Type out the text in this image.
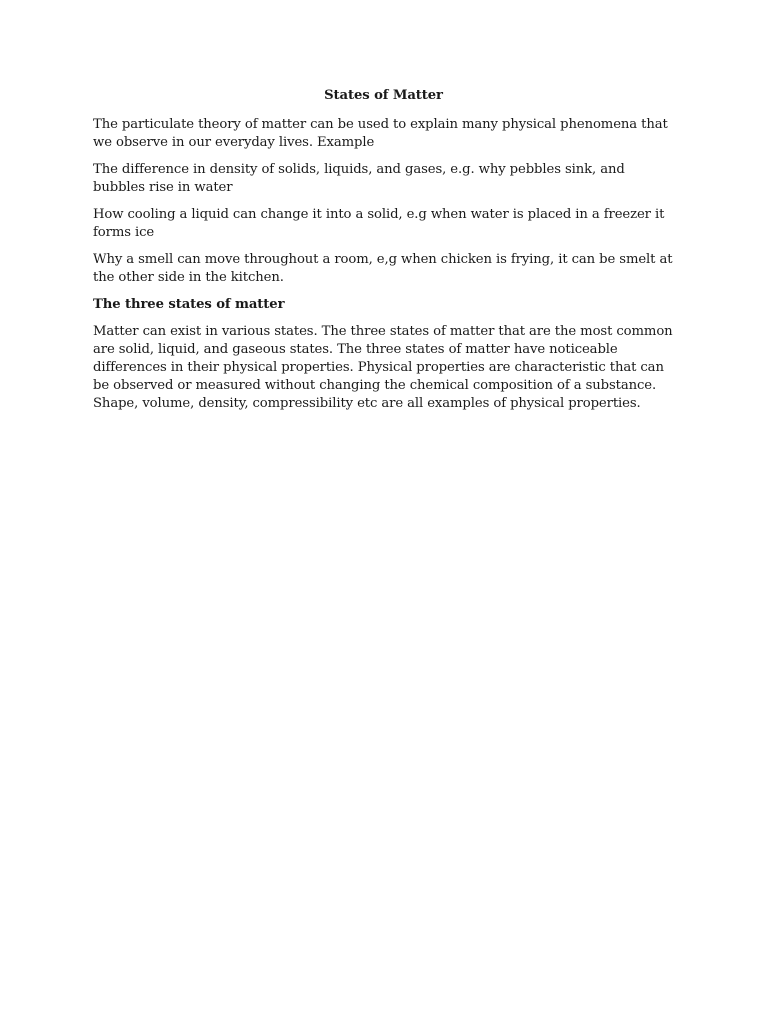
States of Matter

The particulate theory of matter can be used to explain many physical phenomena that we observe in our everyday lives. Example

The difference in density of solids, liquids, and gases, e.g. why pebbles sink, and bubbles rise in water

How cooling a liquid can change it into a solid, e.g when water is placed in a freezer it forms ice

Why a smell can move throughout a room, e,g when chicken is frying, it can be smelt at the other side in the kitchen.

The three states of matter

Matter can exist in various states. The three states of matter that are the most common are solid, liquid, and gaseous states. The three states of matter have noticeable differences in their physical properties. Physical properties are characteristic that can be observed or measured without changing the chemical composition of a substance. Shape, volume, density, compressibility etc are all examples of physical properties.
